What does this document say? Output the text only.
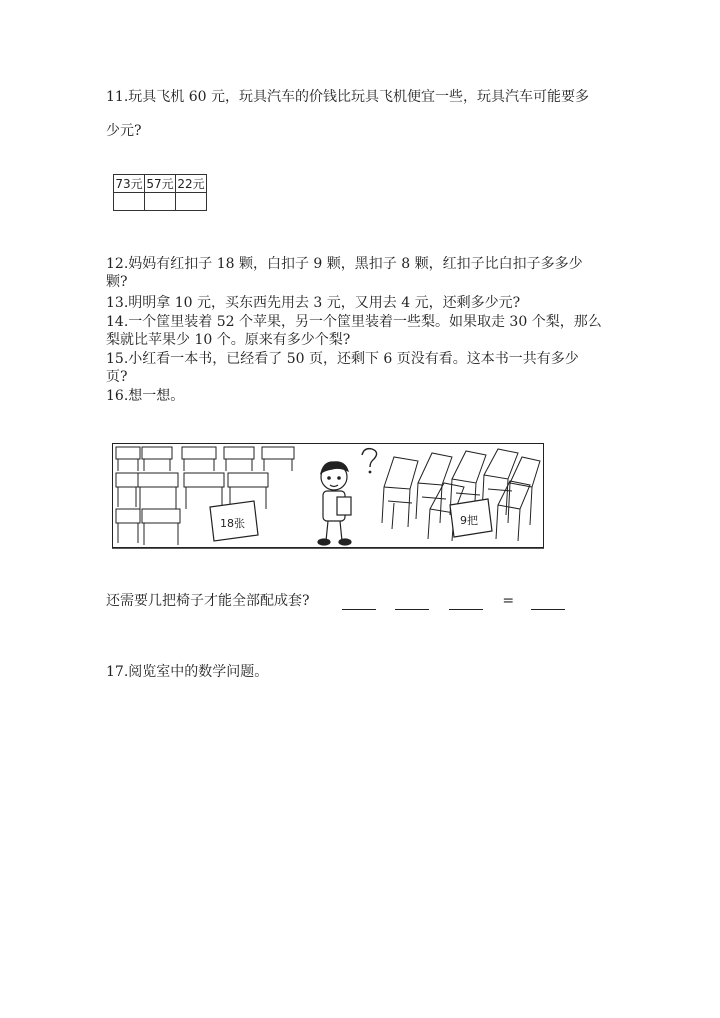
11.玩具飞机 60 元，玩具汽车的价钱比玩具飞机便宜一些，玩具汽车可能要多
少元?
73元	57元	22元

12.妈妈有红扣子 18 颗，白扣子 9 颗，黑扣子 8 颗，红扣子比白扣子多多少
颗?
13.明明拿 10 元，买东西先用去 3 元，又用去 4 元，还剩多少元?
14.一个筐里装着 52 个苹果，另一个筐里装着一些梨。如果取走 30 个梨，那么
梨就比苹果少 10 个。原来有多少个梨?
15.小红看一本书，已经看了 50 页，还剩下 6 页没有看。这本书一共有多少
页?
16.想一想。
18张	9把
还需要几把椅子才能全部配成套?	=
17.阅览室中的数学问题。
